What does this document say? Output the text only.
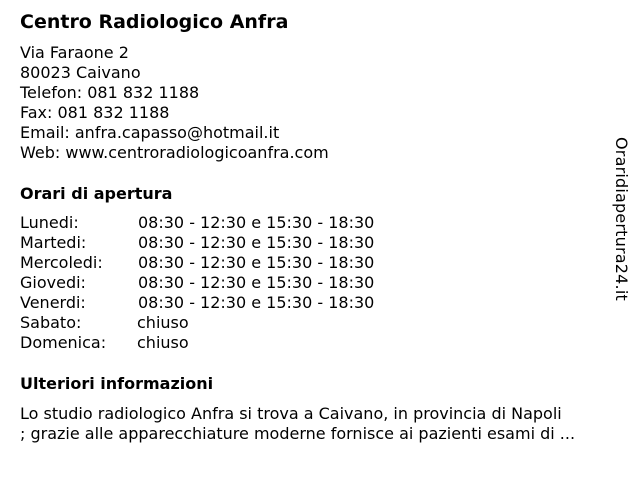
Centro Radiologico Anfra
Via Faraone 2
80023 Caivano
Telefon: 081 832 1188
Fax: 081 832 1188
Email: anfra.capasso@hotmail.it
Web: www.centroradiologicoanfra.com
Orari di apertura
Lunedi:	08:30 - 12:30 e 15:30 - 18:30
Martedi:	08:30 - 12:30 e 15:30 - 18:30
Mercoledi: 08:30 - 12:30 e 15:30 - 18:30
Giovedi:	08:30 - 12:30 e 15:30 - 18:30
Venerdi:	08:30 - 12:30 e 15:30 - 18:30
Sabato:	chiuso
Domenica: chiuso
Ulteriori informazioni
Lo studio radiologico Anfra si trova a Caivano, in provincia di Napoli
; grazie alle apparecchiature moderne fornisce ai pazienti esami di ...
Oraridiapertura24.it
